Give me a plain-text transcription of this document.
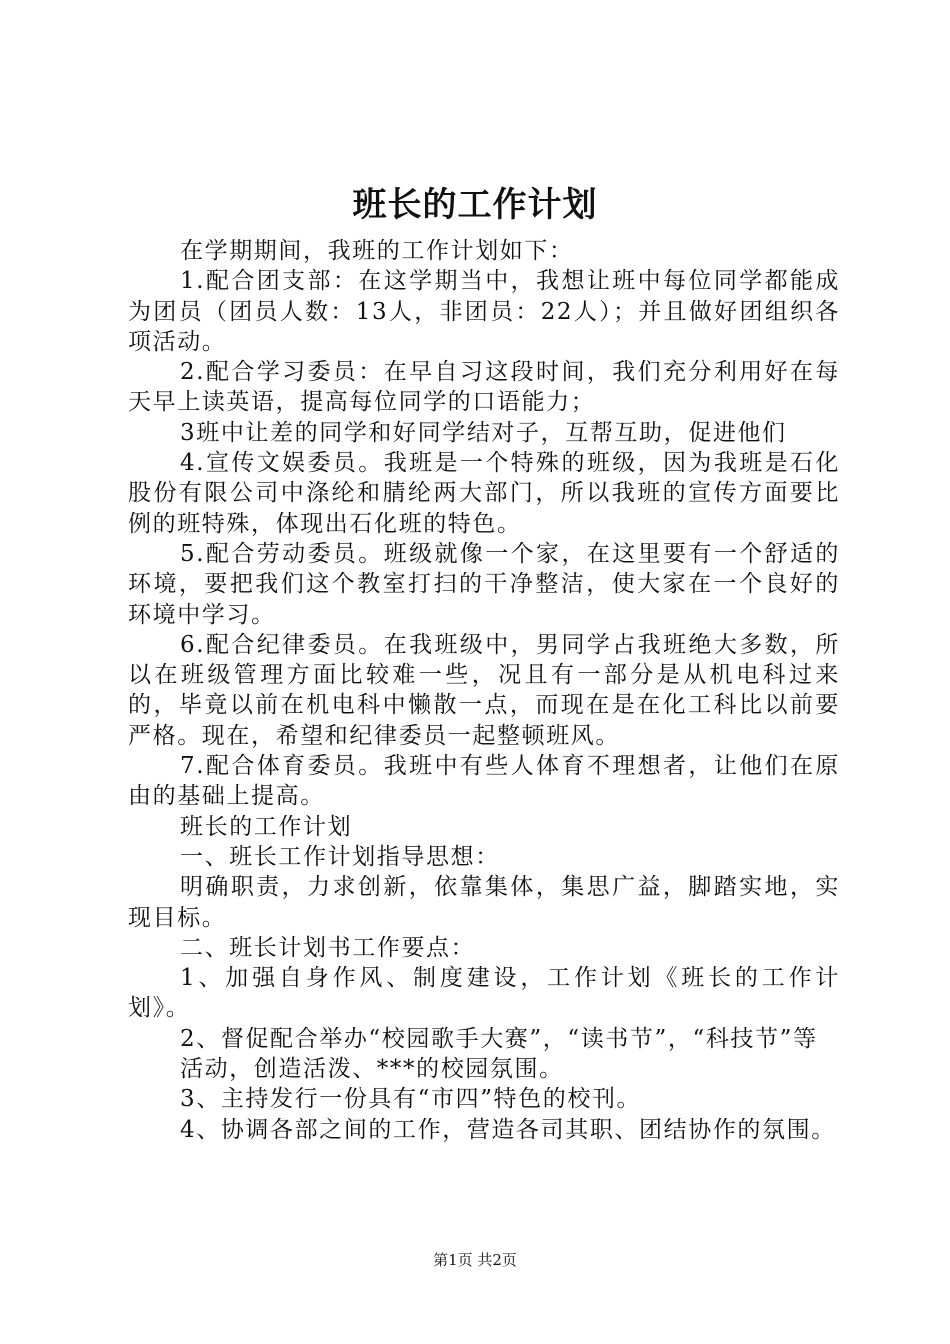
班长的工作计划

在学期期间，我班的工作计划如下：

1.配合团支部：在这学期当中，我想让班中每位同学都能成为团员（团员人数：13人，非团员：22人）；并且做好团组织各项活动。

2.配合学习委员：在早自习这段时间，我们充分利用好在每天早上读英语，提高每位同学的口语能力；

3班中让差的同学和好同学结对子，互帮互助，促进他们

4.宣传文娱委员。我班是一个特殊的班级，因为我班是石化股份有限公司中涤纶和腈纶两大部门，所以我班的宣传方面要比例的班特殊，体现出石化班的特色。

5.配合劳动委员。班级就像一个家，在这里要有一个舒适的环境，要把我们这个教室打扫的干净整洁，使大家在一个良好的环境中学习。

6.配合纪律委员。在我班级中，男同学占我班绝大多数，所以在班级管理方面比较难一些，况且有一部分是从机电科过来的，毕竟以前在机电科中懒散一点，而现在是在化工科比以前要严格。现在，希望和纪律委员一起整顿班风。

7.配合体育委员。我班中有些人体育不理想者，让他们在原由的基础上提高。

班长的工作计划

一、班长工作计划指导思想：

明确职责，力求创新，依靠集体，集思广益，脚踏实地，实现目标。

二、班长计划书工作要点：

1、加强自身作风、制度建设，工作计划《班长的工作计划》。

2、督促配合举办“校园歌手大赛”，“读书节”，“科技节”等

活动，创造活泼、***的校园氛围。

3、主持发行一份具有“市四”特色的校刊。

4、协调各部之间的工作，营造各司其职、团结协作的氛围。

第1页 共2页
